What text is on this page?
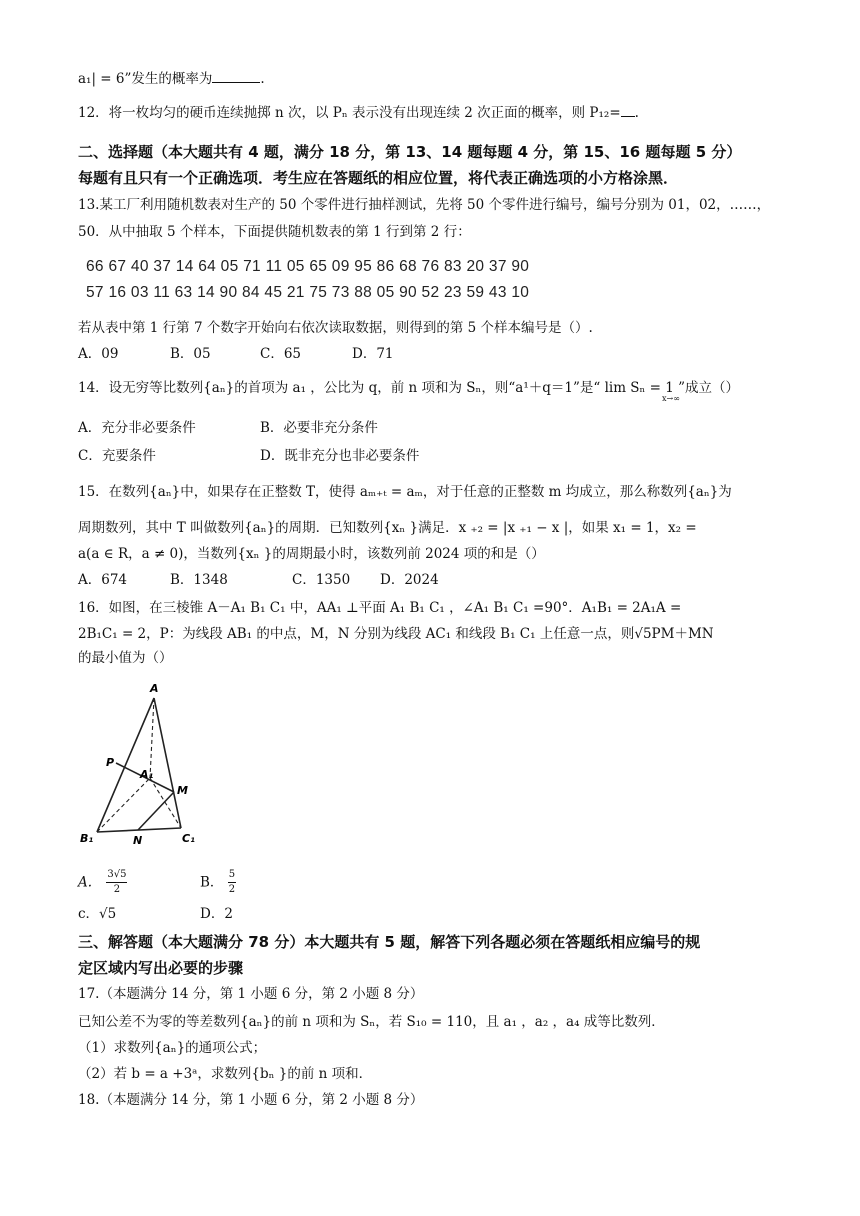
a₁| = 6”发生的概率为	.
12．将一枚均匀的硬币连续抛掷 n 次，以 Pₙ 表示没有出现连续 2 次正面的概率，则 P₁₂= .
二、选择题（本大题共有 4 题，满分 18 分，第 13、14 题每题 4 分，第 15、16 题每题 5 分）
每题有且只有一个正确选项．考生应在答题纸的相应位置，将代表正确选项的小方格涂黑．
13.某工厂利用随机数表对生产的 50 个零件进行抽样测试，先将 50 个零件进行编号，编号分别为 01，02，……，
50．从中抽取 5 个样本，下面提供随机数表的第 1 行到第 2 行：
66 67 40 37 14 64 05 71 11 05 65 09 95 86 68 76 83 20 37 90
57 16 03 11 63 14 90 84 45 21 75 73 88 05 90 52 23 59 43 10
若从表中第 1 行第 7 个数字开始向右依次读取数据，则得到的第 5 个样本编号是（）.
A．09	B．05	C．65	D．71
14．设无穷等比数列{aₙ}的首项为 a₁ ，公比为 q，前 n 项和为 Sₙ，则“a¹＋q＝1”是“ lim Sₙ = 1 ”成立（）
x→∞
A．充分非必要条件	B．必要非充分条件
C．充要条件	D．既非充分也非必要条件
15．在数列{aₙ}中，如果存在正整数 T，使得 aₘ₊ₜ = aₘ，对于任意的正整数 m 均成立，那么称数列{aₙ}为
周期数列，其中 T 叫做数列{aₙ}的周期．已知数列{xₙ }满足．x ₊₂ = |x ₊₁ − x |，如果 x₁ = 1，x₂ =
a(a ∈ R，a ≠ 0)，当数列{xₙ }的周期最小时，该数列前 2024 项的和是（）
A．674	B．1348	C．1350 D．2024
16．如图，在三棱锥 A－A₁ B₁ C₁ 中，AA₁ ⊥平面 A₁ B₁ C₁ ，∠A₁ B₁ C₁ =90°．A₁B₁ = 2A₁A =
2B₁C₁ = 2，P：为线段 AB₁ 的中点，M，N 分别为线段 AC₁ 和线段 B₁ C₁ 上任意一点，则√5PM＋MN
的最小值为（）
A
P
A₁
M
B₁	N	C₁
A. $\frac{3√5}{2}$	B． $\frac{5}{2}$
c．√5	D．2
三、解答题（本大题满分 78 分）本大题共有 5 题，解答下列各题必须在答题纸相应编号的规
定区域内写出必要的步骤
17.（本题满分 14 分，第 1 小题 6 分，第 2 小题 8 分）
已知公差不为零的等差数列{aₙ}的前 n 项和为 Sₙ，若 S₁₀ = 110，且 a₁ ，a₂ ，a₄ 成等比数列．
（1）求数列{aₙ}的通项公式；
（2）若 b = a +3ᵃ，求数列{bₙ }的前 n 项和．
18.（本题满分 14 分，第 1 小题 6 分，第 2 小题 8 分）
